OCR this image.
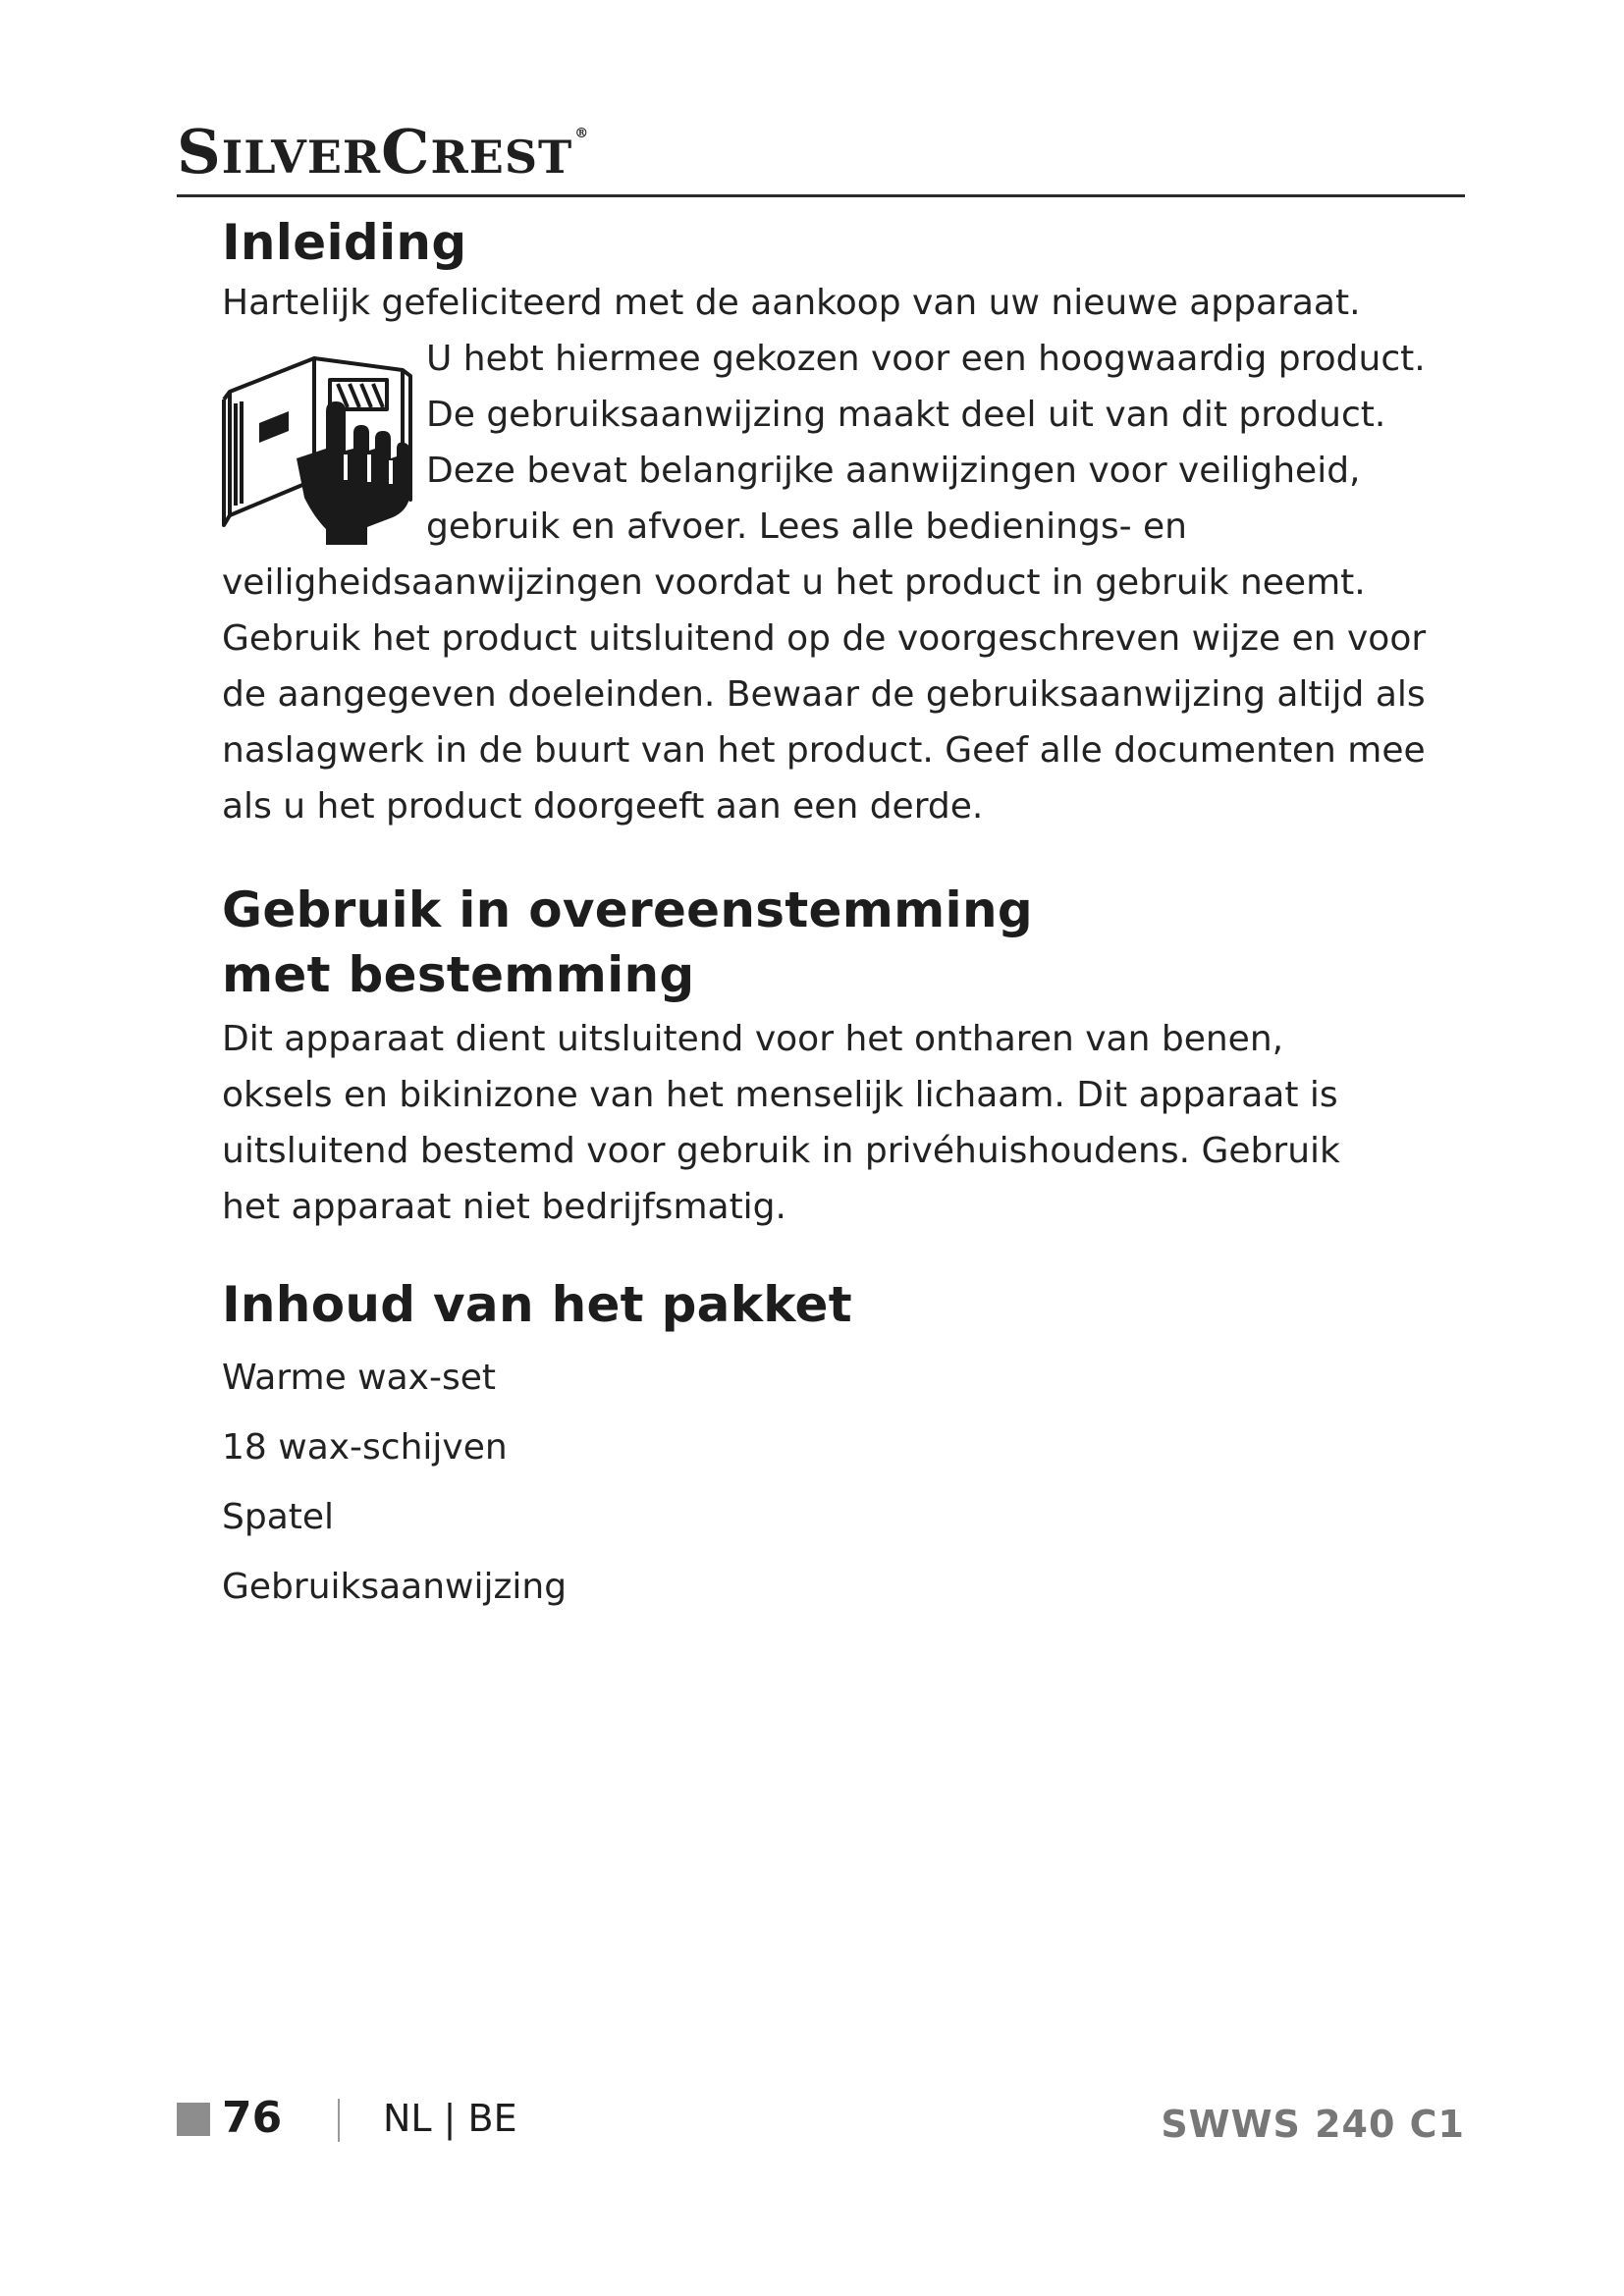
SILVERCREST ®
Inleiding

Hartelijk gefeliciteerd met de aankoop van uw nieuwe apparaat.

U hebt hiermee gekozen voor een hoogwaardig product. De gebruiksaanwijzing maakt deel uit van dit product. Deze bevat belangrijke aanwijzingen voor veiligheid, gebruik en afvoer. Lees alle bedienings- en veiligheidsaanwijzingen voordat u het product in gebruik neemt. Gebruik het product uitsluitend op de voorgeschreven wijze en voor de aangegeven doeleinden. Bewaar de gebruiksaanwijzing altijd als naslagwerk in de buurt van het product. Geef alle documenten mee als u het product doorgeeft aan een derde.

Gebruik in overeenstemming met bestemming

Dit apparaat dient uitsluitend voor het ontharen van benen, oksels en bikinizone van het menselijk lichaam. Dit apparaat is uitsluitend bestemd voor gebruik in privéhuishoudens. Gebruik het apparaat niet bedrijfsmatig.

Inhoud van het pakket
Warme wax-set
18 wax-schijven
Spatel
Gebruiksaanwijzing
76	NL | BE	SWWS 240 C1
